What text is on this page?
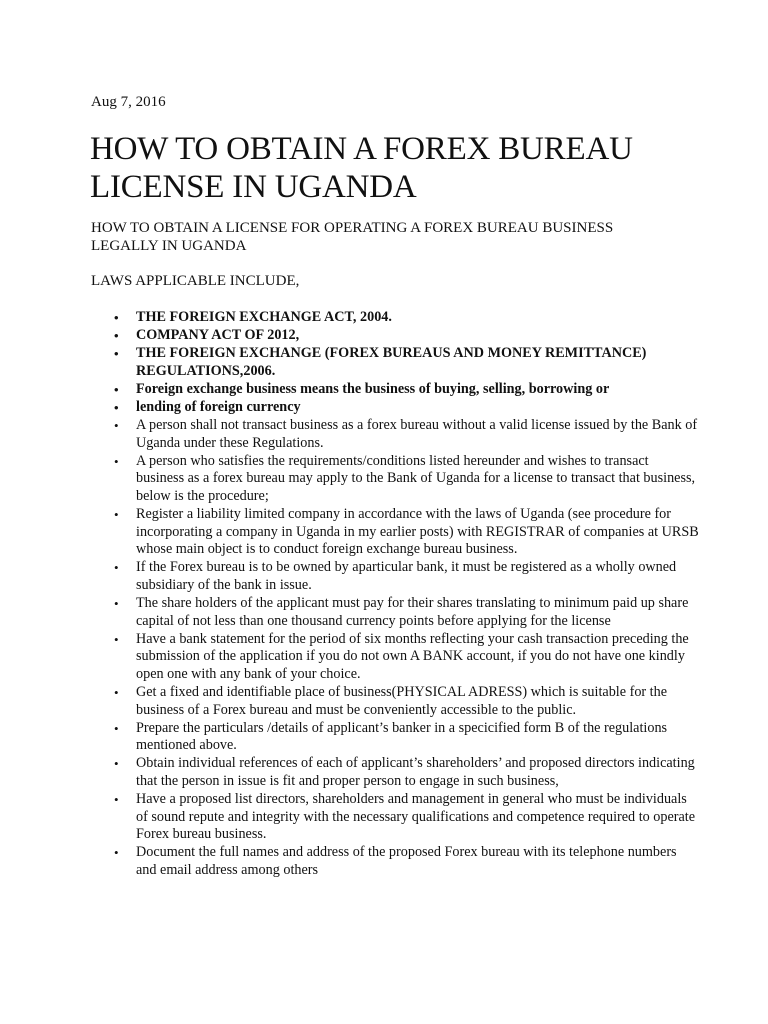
Aug 7, 2016

HOW TO OBTAIN A FOREX BUREAU LICENSE IN UGANDA
HOW TO OBTAIN A LICENSE FOR OPERATING A FOREX BUREAU BUSINESS LEGALLY IN UGANDA

LAWS APPLICABLE INCLUDE,

• THE FOREIGN EXCHANGE ACT, 2004.
• COMPANY ACT OF 2012,
• THE FOREIGN EXCHANGE (FOREX BUREAUS AND MONEY REMITTANCE) REGULATIONS,2006.
• Foreign exchange business means the business of buying, selling, borrowing or
• lending of foreign currency
• A person shall not transact business as a forex bureau without a valid license issued by the Bank of Uganda under these Regulations.
• A person who satisfies the requirements/conditions listed hereunder and wishes to transact business as a forex bureau may apply to the Bank of Uganda for a license to transact that business, below is the procedure;
• Register a liability limited company in accordance with the laws of Uganda (see procedure for incorporating a company in Uganda in my earlier posts) with REGISTRAR of companies at URSB whose main object is to conduct foreign exchange bureau business.
• If the Forex bureau is to be owned by aparticular bank, it must be registered as a wholly owned subsidiary of the bank in issue.
• The share holders of the applicant must pay for their shares translating to minimum paid up share capital of not less than one thousand currency points before applying for the license
• Have a bank statement for the period of six months reflecting your cash transaction preceding the submission of the application if you do not own A BANK account, if you do not have one kindly open one with any bank of your choice.
• Get a fixed and identifiable place of business(PHYSICAL ADRESS) which is suitable for the business of a Forex bureau and must be conveniently accessible to the public.
• Prepare the particulars /details of applicant’s banker in a specicified form B of the regulations mentioned above.
• Obtain individual references of each of applicant’s shareholders’ and proposed directors indicating that the person in issue is fit and proper person to engage in such business,
• Have a proposed list directors, shareholders and management in general who must be individuals of sound repute and integrity with the necessary qualifications and competence required to operate Forex bureau business.
• Document the full names and address of the proposed Forex bureau with its telephone numbers and email address among others
